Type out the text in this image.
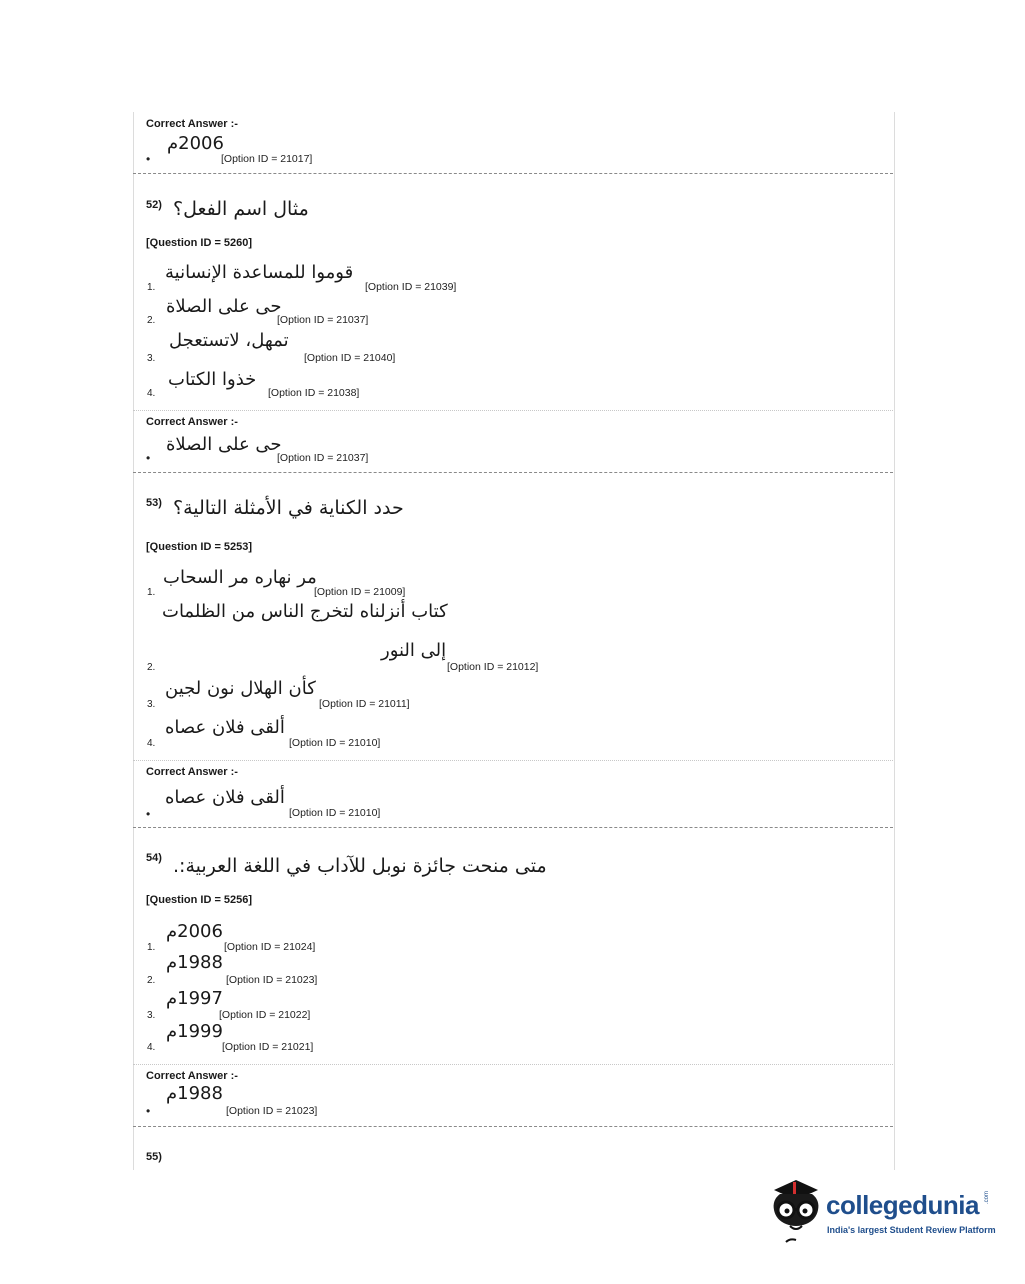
Correct Answer :-
•
2006م
[Option ID = 21017]
52) مثال اسم الفعل؟
[Question ID = 5260]
1.
قوموا للمساعدة الإنسانية
[Option ID = 21039]
2.
حى على الصلاة
[Option ID = 21037]
3.
تمهل، لاتستعجل
[Option ID = 21040]
4.
خذوا الكتاب
[Option ID = 21038]
Correct Answer :-
•
حى على الصلاة
[Option ID = 21037]
53) حدد الكناية في الأمثلة التالية؟
[Question ID = 5253]
1.
مر نهاره مر السحاب
[Option ID = 21009]
كتاب أنزلناه لتخرج الناس من الظلمات
إلى النور
2.	[Option ID = 21012]
3.
كأن الهلال نون لجين
[Option ID = 21011]
4.
ألقى فلان عصاه
[Option ID = 21010]
Correct Answer :-
•
ألقى فلان عصاه
[Option ID = 21010]
54) متى منحت جائزة نوبل للآداب في اللغة العربية:.
[Question ID = 5256]
1.
2006م
[Option ID = 21024]
2.
1988م
[Option ID = 21023]
3.
1997م
[Option ID = 21022]
4.
1999م
[Option ID = 21021]
Correct Answer :-
•
1988م
[Option ID = 21023]
55)
collegedunia .com
India's largest Student Review Platform
